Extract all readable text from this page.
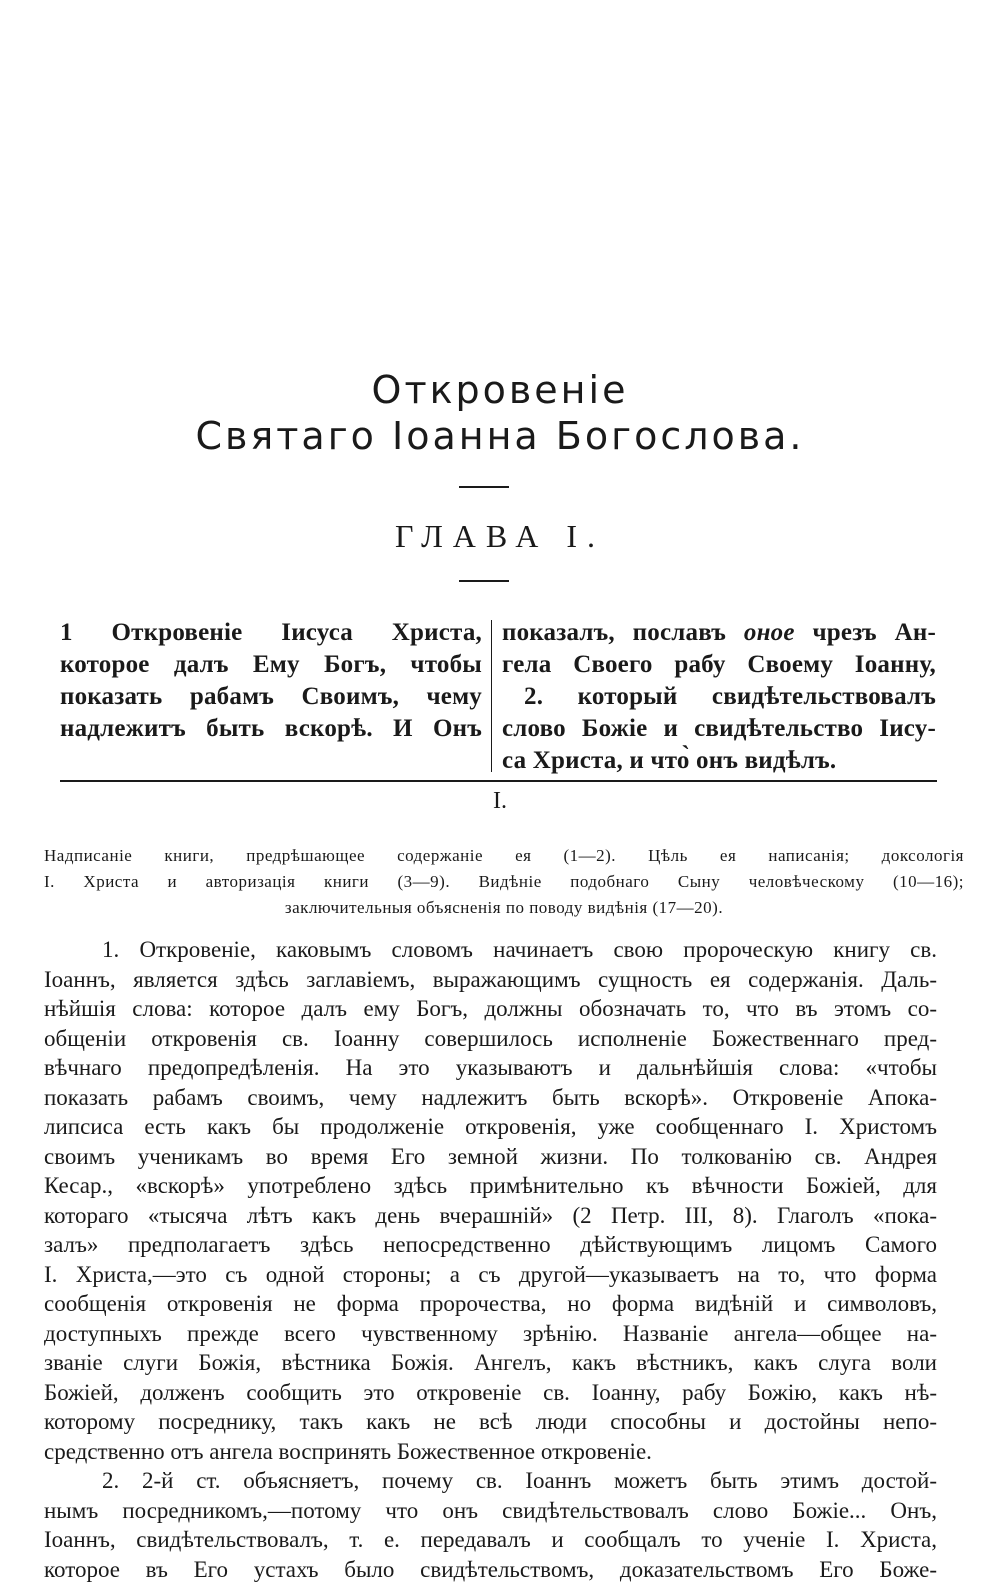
Откровенie
Святаго Iоанна Богослова.
ГЛАВА I.
1 Откровенiе Iисуса Христа,
которое далъ Ему Богъ, чтобы
показать рабамъ Своимъ, чему
надлежитъ быть вскорѣ. И Онъ
показалъ, пославъ оное чрезъ Ан-
гела Своего рабу Своему Iоанну,
2. который свидѣтельствовалъ
слово Божiе и свидѣтельство Iису-
са Христа, и что̀ онъ видѣлъ.
I.
Надписанiе книги, предрѣшающее содержанiе ея (1—2). Цѣль ея написанiя; доксологiя
I. Христа и авторизацiя книги (3—9). Видѣнiе подобнаго Сыну человѣческому (10—16);
заключительныя объясненiя по поводу видѣнiя (17—20).
1. Откровенiе, каковымъ словомъ начинаетъ свою пророческую книгу св.
Iоаннъ, является здѣсь заглавiемъ, выражающимъ сущность ея содержанiя. Даль-
нѣйшiя слова: которое далъ ему Богъ, должны обозначать то, что въ этомъ со-
общенiи откровенiя св. Iоанну совершилось исполненiе Божественнаго пред-
вѣчнаго предопредѣленiя. На это указываютъ и дальнѣйшiя слова: «чтобы
показать рабамъ своимъ, чему надлежитъ быть вскорѣ». Откровенiе Апока-
липсиса есть какъ бы продолженiе откровенiя, уже сообщеннаго I. Христомъ
своимъ ученикамъ во время Его земной жизни. По толкованiю св. Андрея
Кесар., «вскорѣ» употреблено здѣсь примѣнительно къ вѣчности Божiей, для
котораго «тысяча лѣтъ какъ день вчерашнiй» (2 Петр. III, 8). Глаголъ «пока-
залъ» предполагаетъ здѣсь непосредственно дѣйствующимъ лицомъ Самого
I. Христа,—это съ одной стороны; а съ другой—указываетъ на то, что форма
сообщенiя откровенiя не форма пророчества, но форма видѣнiй и символовъ,
доступныхъ прежде всего чувственному зрѣнiю. Названiе ангела—общее на-
званiе слуги Божiя, вѣстника Божiя. Ангелъ, какъ вѣстникъ, какъ слуга воли
Божiей, долженъ сообщить это откровенiе св. Iоанну, рабу Божiю, какъ нѣ-
которому посреднику, такъ какъ не всѣ люди способны и достойны непо-
средственно отъ ангела воспринять Божественное откровенiе.
2. 2-й ст. объясняетъ, почему св. Iоаннъ можетъ быть этимъ достой-
нымъ посредникомъ,—потому что онъ свидѣтельствовалъ слово Божiе... Онъ,
Iоаннъ, свидѣтельствовалъ, т. е. передавалъ и сообщалъ то ученiе I. Христа,
которое въ Его устахъ было свидѣтельствомъ, доказательствомъ Его Боже-
